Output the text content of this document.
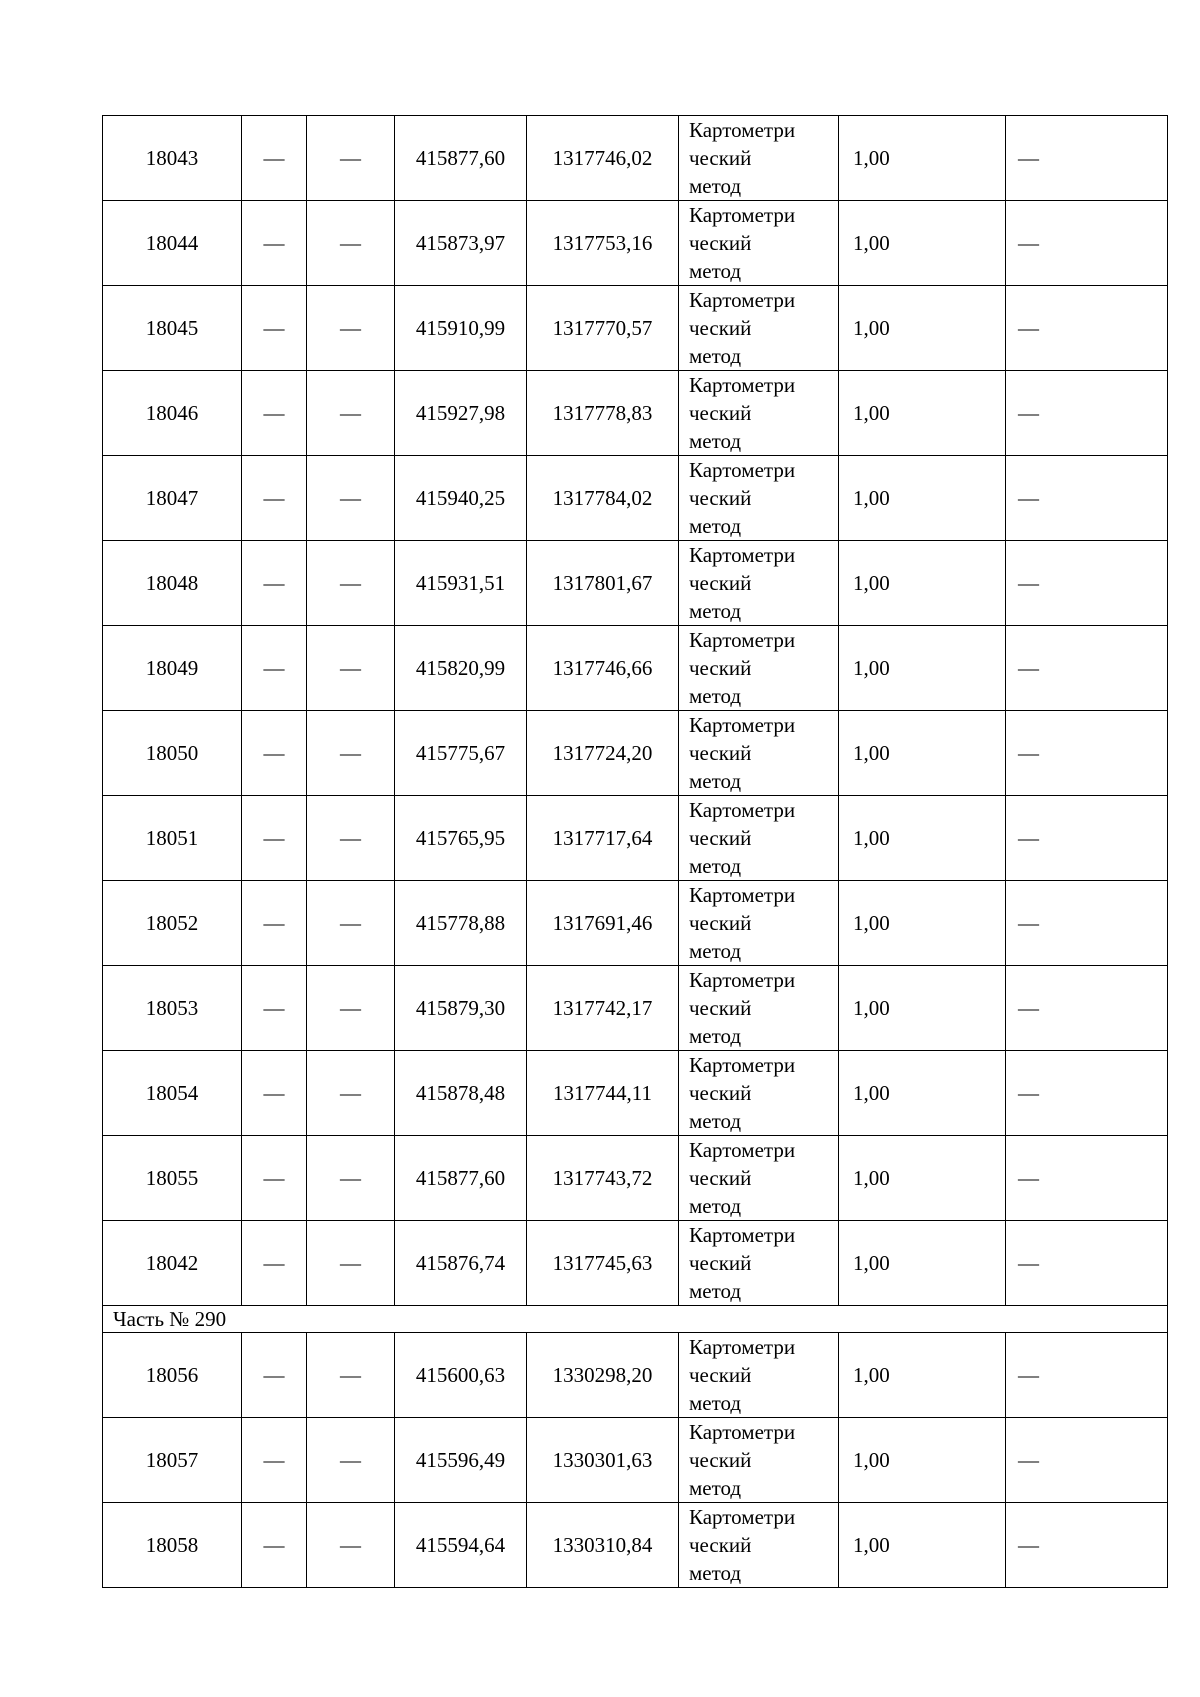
18043	—	—	415877,60	1317746,02	Картометри
ческий
метод	1,00	—
18044	—	—	415873,97	1317753,16	Картометри
ческий
метод	1,00	—
18045	—	—	415910,99	1317770,57	Картометри
ческий
метод	1,00	—
18046	—	—	415927,98	1317778,83	Картометри
ческий
метод	1,00	—
18047	—	—	415940,25	1317784,02	Картометри
ческий
метод	1,00	—
18048	—	—	415931,51	1317801,67	Картометри
ческий
метод	1,00	—
18049	—	—	415820,99	1317746,66	Картометри
ческий
метод	1,00	—
18050	—	—	415775,67	1317724,20	Картометри
ческий
метод	1,00	—
18051	—	—	415765,95	1317717,64	Картометри
ческий
метод	1,00	—
18052	—	—	415778,88	1317691,46	Картометри
ческий
метод	1,00	—
18053	—	—	415879,30	1317742,17	Картометри
ческий
метод	1,00	—
18054	—	—	415878,48	1317744,11	Картометри
ческий
метод	1,00	—
18055	—	—	415877,60	1317743,72	Картометри
ческий
метод	1,00	—
18042	—	—	415876,74	1317745,63	Картометри
ческий
метод	1,00	—
Часть № 290							
18056	—	—	415600,63	1330298,20	Картометри
ческий
метод	1,00	—
18057	—	—	415596,49	1330301,63	Картометри
ческий
метод	1,00	—
18058	—	—	415594,64	1330310,84	Картометри
ческий
метод	1,00	—
